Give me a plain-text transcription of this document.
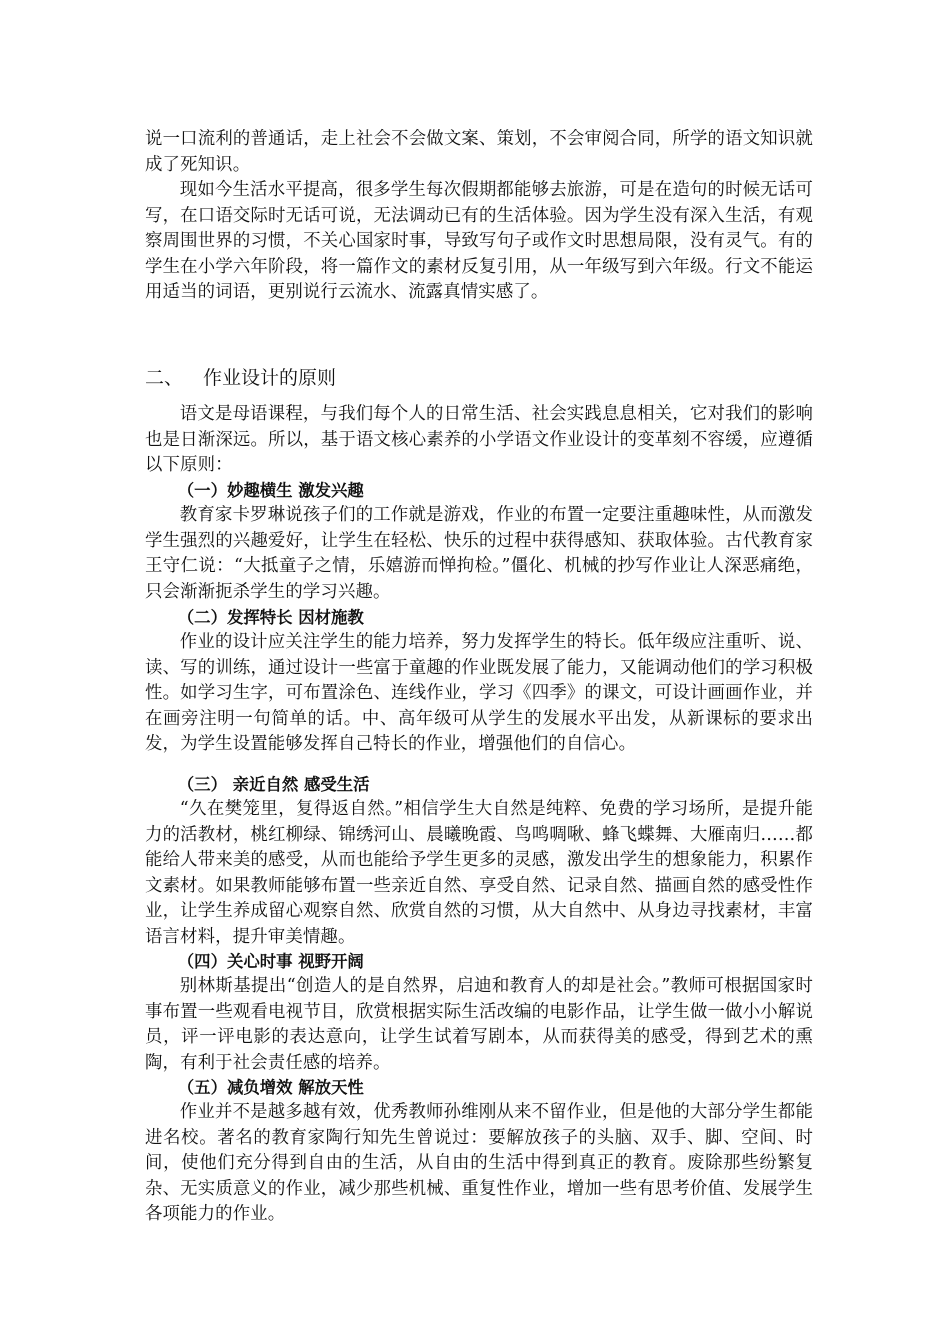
说一口流利的普通话，走上社会不会做文案、策划，不会审阅合同，所学的语文知识就成了死知识。

现如今生活水平提高，很多学生每次假期都能够去旅游，可是在造句的时候无话可写，在口语交际时无话可说，无法调动已有的生活体验。因为学生没有深入生活，有观察周围世界的习惯，不关心国家时事，导致写句子或作文时思想局限，没有灵气。有的学生在小学六年阶段，将一篇作文的素材反复引用，从一年级写到六年级。行文不能运用适当的词语，更别说行云流水、流露真情实感了。

二、 作业设计的原则

语文是母语课程，与我们每个人的日常生活、社会实践息息相关，它对我们的影响也是日渐深远。所以，基于语文核心素养的小学语文作业设计的变革刻不容缓，应遵循以下原则：

（一）妙趣横生 激发兴趣

教育家卡罗琳说孩子们的工作就是游戏，作业的布置一定要注重趣味性，从而激发学生强烈的兴趣爱好，让学生在轻松、快乐的过程中获得感知、获取体验。古代教育家王守仁说：“大抵童子之情，乐嬉游而惮拘检。”僵化、机械的抄写作业让人深恶痛绝，只会渐渐扼杀学生的学习兴趣。

（二）发挥特长 因材施教

作业的设计应关注学生的能力培养，努力发挥学生的特长。低年级应注重听、说、读、写的训练，通过设计一些富于童趣的作业既发展了能力，又能调动他们的学习积极性。如学习生字，可布置涂色、连线作业，学习《四季》的课文，可设计画画作业，并在画旁注明一句简单的话。中、高年级可从学生的发展水平出发，从新课标的要求出发，为学生设置能够发挥自己特长的作业，增强他们的自信心。

（三） 亲近自然 感受生活

“久在樊笼里，复得返自然。”相信学生大自然是纯粹、免费的学习场所，是提升能力的活教材，桃红柳绿、锦绣河山、晨曦晚霞、鸟鸣啁啾、蜂飞蝶舞、大雁南归……都能给人带来美的感受，从而也能给予学生更多的灵感，激发出学生的想象能力，积累作文素材。如果教师能够布置一些亲近自然、享受自然、记录自然、描画自然的感受性作业，让学生养成留心观察自然、欣赏自然的习惯，从大自然中、从身边寻找素材，丰富语言材料，提升审美情趣。

（四）关心时事 视野开阔

别林斯基提出“创造人的是自然界，启迪和教育人的却是社会。”教师可根据国家时事布置一些观看电视节目，欣赏根据实际生活改编的电影作品，让学生做一做小小解说员，评一评电影的表达意向，让学生试着写剧本，从而获得美的感受，得到艺术的熏陶，有利于社会责任感的培养。

（五）减负增效 解放天性

作业并不是越多越有效，优秀教师孙维刚从来不留作业，但是他的大部分学生都能进名校。著名的教育家陶行知先生曾说过：要解放孩子的头脑、双手、脚、空间、时间，使他们充分得到自由的生活，从自由的生活中得到真正的教育。废除那些纷繁复杂、无实质意义的作业，减少那些机械、重复性作业，增加一些有思考价值、发展学生各项能力的作业。
